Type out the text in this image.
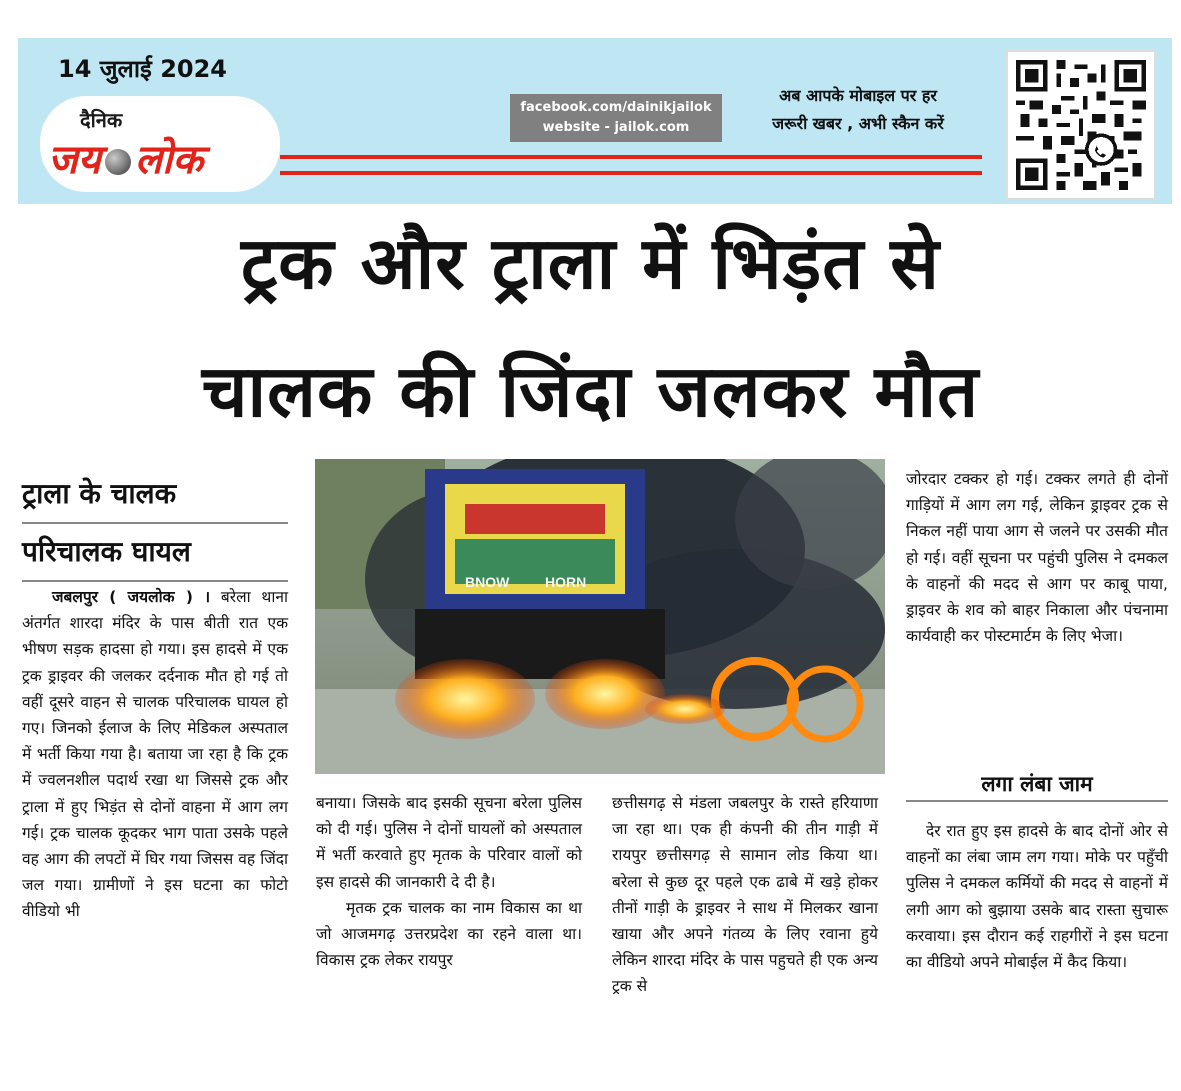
14 जुलाई 2024
दैनिक
जय लोक
facebook.com/dainikjailok
website - jailok.com
अब आपके मोबाइल पर हर
जरूरी खबर , अभी स्कैन करें
ट्रक और ट्राला में भिड़ंत से
चालक की जिंदा जलकर मौत
ट्राला के चालक
परिचालक घायल
BNOW	HORN
जबलपुर ( जयलोक ) । बरेला थाना अंतर्गत शारदा मंदिर के पास बीती रात एक भीषण सड़क हादसा हो गया। इस हादसे में एक ट्रक ड्राइवर की जलकर दर्दनाक मौत हो गई तो वहीं दूसरे वाहन से चालक परिचालक घायल हो गए। जिनको ईलाज के लिए मेडिकल अस्पताल में भर्ती किया गया है। बताया जा रहा है कि ट्रक में ज्वलनशील पदार्थ रखा था जिससे ट्रक और ट्राला में हुए भिड़ंत से दोनों वाहना में आग लग गई। ट्रक चालक कूदकर भाग पाता उसके पहले वह आग की लपटों में घिर गया जिसस वह जिंदा जल गया। ग्रामीणों ने इस घटना का फोटो वीडियो भी

बनाया। जिसके बाद इसकी सूचना बरेला पुलिस को दी गई। पुलिस ने दोनों घायलों को अस्पताल में भर्ती करवाते हुए मृतक के परिवार वालों को इस हादसे की जानकारी दे दी है।

मृतक ट्रक चालक का नाम विकास का था जो आजमगढ़ उत्तरप्रदेश का रहने वाला था। विकास ट्रक लेकर रायपुर

छत्तीसगढ़ से मंडला जबलपुर के रास्ते हरियाणा जा रहा था। एक ही कंपनी की तीन गाड़ी में रायपुर छत्तीसगढ़ से सामान लोड किया था। बरेला से कुछ दूर पहले एक ढाबे में खड़े होकर तीनों गाड़ी के ड्राइवर ने साथ में मिलकर खाना खाया और अपने गंतव्य के लिए रवाना हुये लेकिन शारदा मंदिर के पास पहुचते ही एक अन्य ट्रक से

जोरदार टक्कर हो गई। टक्कर लगते ही दोनों गाड़ियों में आग लग गई, लेकिन ड्राइवर ट्रक से निकल नहीं पाया आग से जलने पर उसकी मौत हो गई। वहीं सूचना पर पहुंची पुलिस ने दमकल के वाहनों की मदद से आग पर काबू पाया, ड्राइवर के शव को बाहर निकाला और पंचनामा कार्यवाही कर पोस्टमार्टम के लिए भेजा।

लगा लंबा जाम

देर रात हुए इस हादसे के बाद दोनों ओर से वाहनों का लंबा जाम लग गया। मोके पर पहुँची पुलिस ने दमकल कर्मियों की मदद से वाहनों में लगी आग को बुझाया उसके बाद रास्ता सुचारू करवाया। इस दौरान कई राहगीरों ने इस घटना का वीडियो अपने मोबाईल में कैद किया।
